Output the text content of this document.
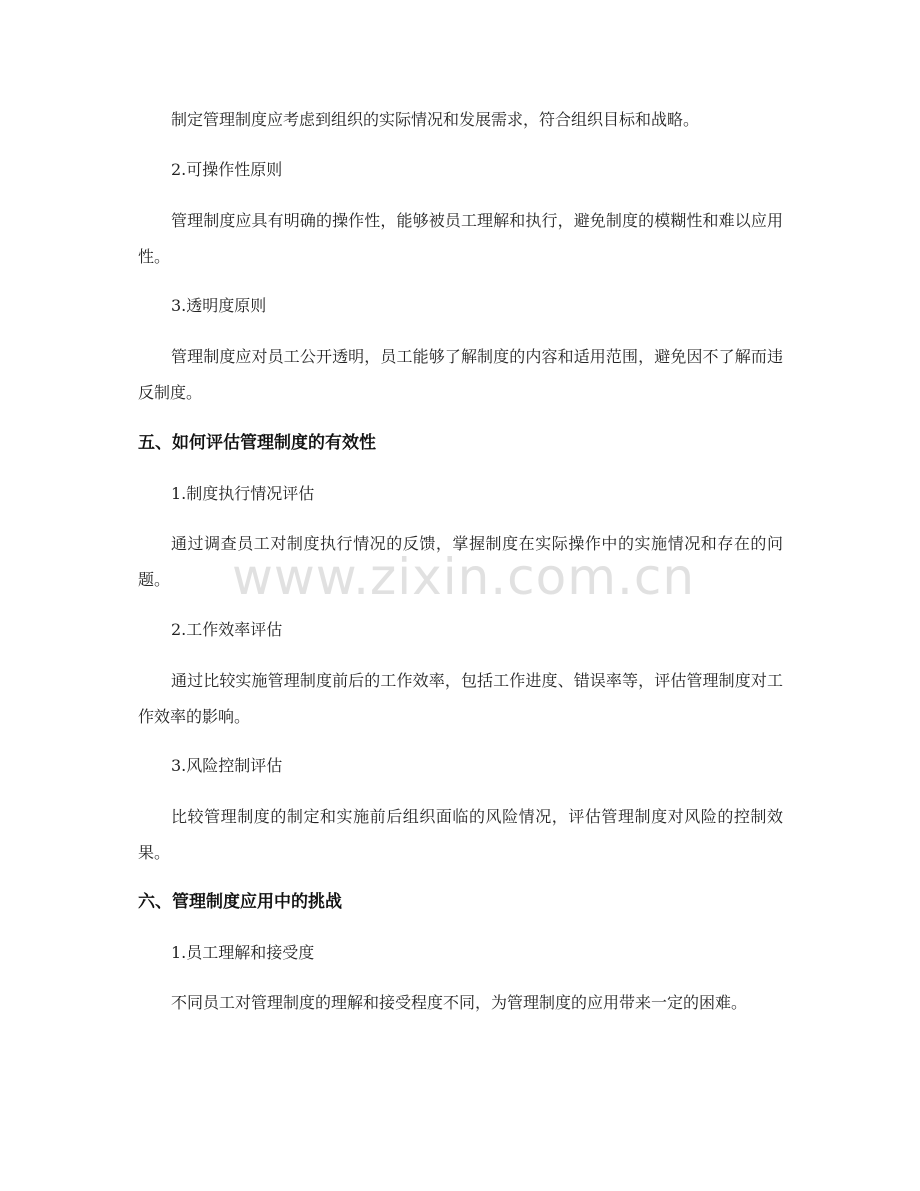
制定管理制度应考虑到组织的实际情况和发展需求，符合组织目标和战略。

2.可操作性原则

管理制度应具有明确的操作性，能够被员工理解和执行，避免制度的模糊性和难以应用性。

3.透明度原则

管理制度应对员工公开透明，员工能够了解制度的内容和适用范围，避免因不了解而违反制度。

五、如何评估管理制度的有效性

1.制度执行情况评估

通过调查员工对制度执行情况的反馈，掌握制度在实际操作中的实施情况和存在的问题。

2.工作效率评估

通过比较实施管理制度前后的工作效率，包括工作进度、错误率等，评估管理制度对工作效率的影响。

3.风险控制评估

比较管理制度的制定和实施前后组织面临的风险情况，评估管理制度对风险的控制效果。

六、管理制度应用中的挑战

1.员工理解和接受度

不同员工对管理制度的理解和接受程度不同，为管理制度的应用带来一定的困难。

www.zixin.com.cn
